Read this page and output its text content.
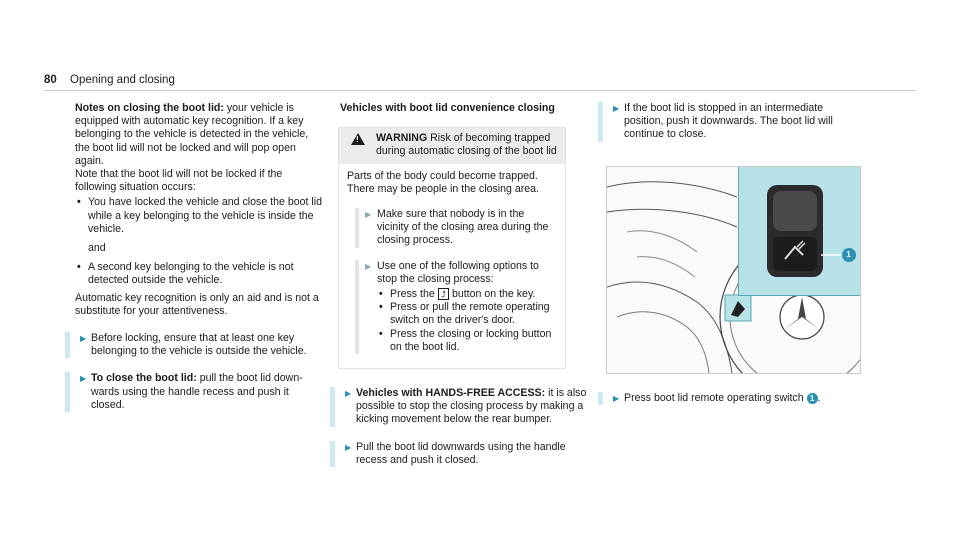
80 Opening and closing

Notes on closing the boot lid: your vehicle is equipped with automatic key recognition. If a key belonging to the vehicle is detected in the vehicle, the boot lid will not be locked and will pop open again.

Note that the boot lid will not be locked if the following situation occurs:

• You have locked the vehicle and close the boot lid while a key belonging to the vehicle is inside the vehicle.

and

• A second key belonging to the vehicle is not detected outside the vehicle.

Automatic key recognition is only an aid and is not a substitute for your attentiveness.

▶ Before locking, ensure that at least one key belonging to the vehicle is outside the vehicle.
▶ To close the boot lid: pull the boot lid down-wards using the handle recess and push it closed.

Vehicles with boot lid convenience closing

!
WARNING Risk of becoming trapped during automatic closing of the boot lid

Parts of the body could become trapped. There may be people in the closing area.

▶ Make sure that nobody is in the vicinity of the closing area during the closing process.
▶ Use one of the following options to stop the closing process:
• Press the ⮥ button on the key.
• Press or pull the remote operating switch on the driver's door.
• Press the closing or locking button on the boot lid.
▶ Vehicles with HANDS-FREE ACCESS: it is also possible to stop the closing process by making a kicking movement below the rear bumper.
▶ Pull the boot lid downwards using the handle recess and push it closed.
▶ If the boot lid is stopped in an intermediate position, push it downwards. The boot lid will continue to close.
1
▶ Press boot lid remote operating switch 1 .
